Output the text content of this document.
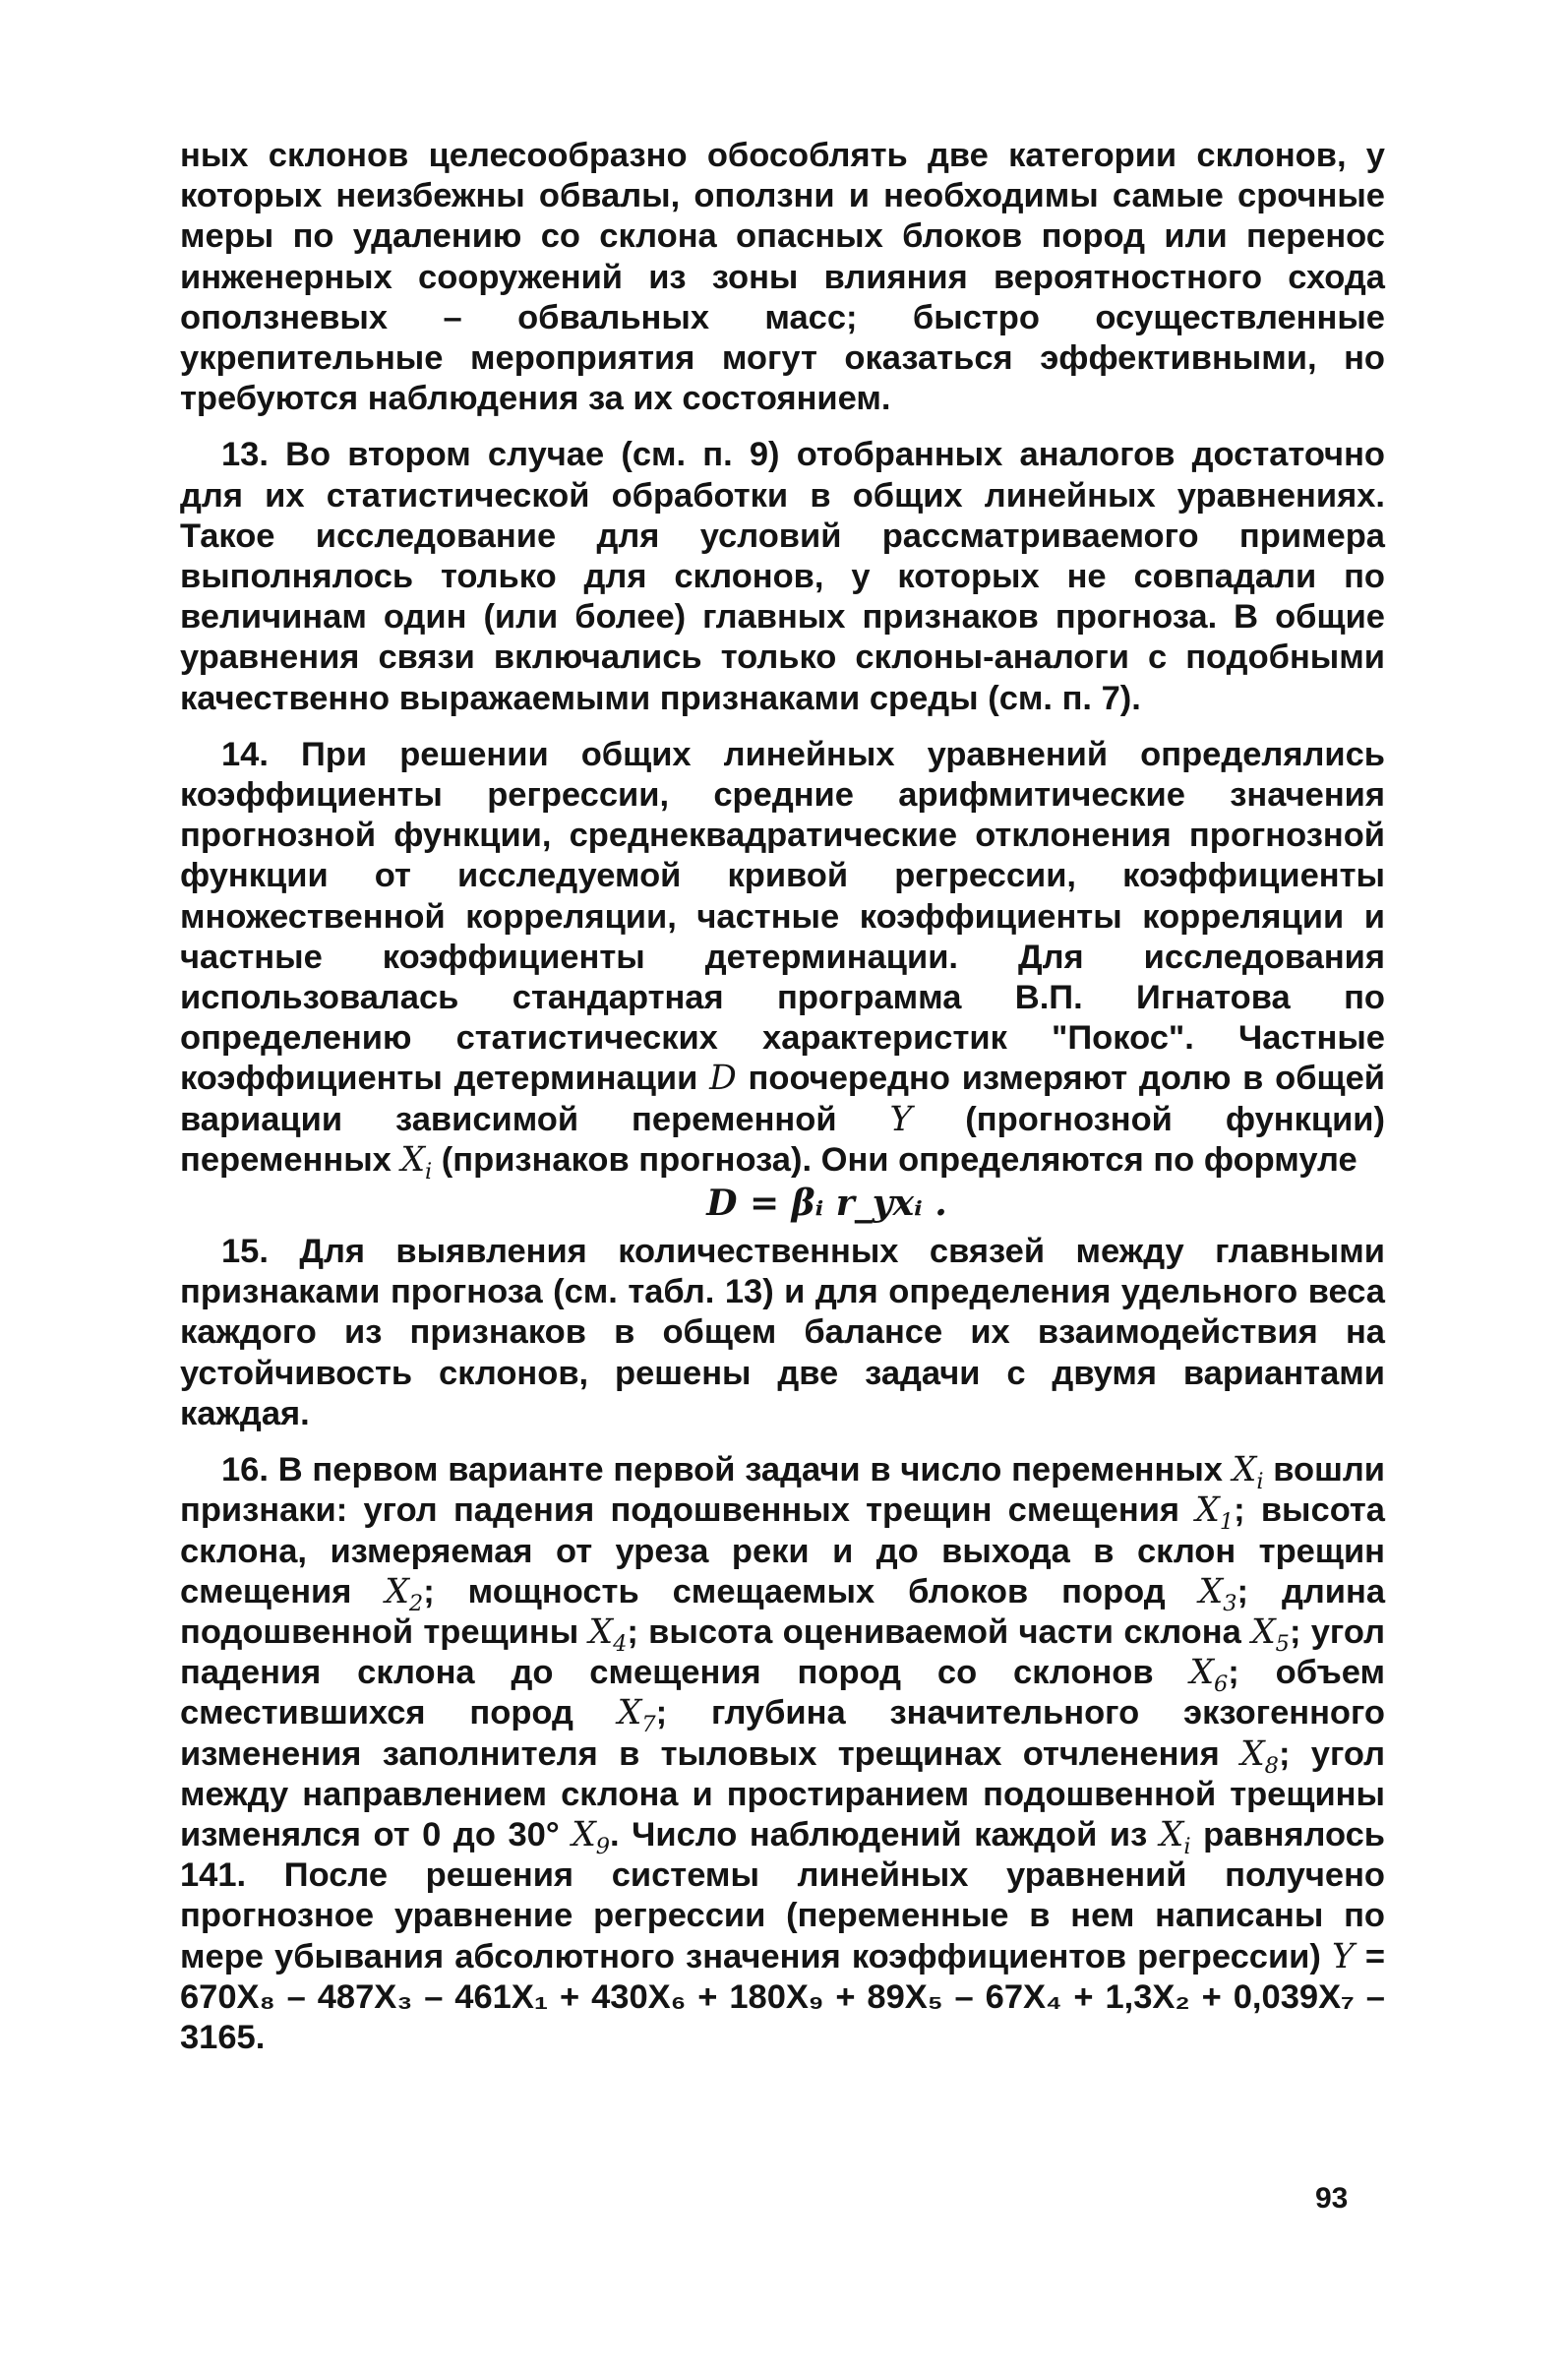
ных склонов целесообразно обособлять две категории склонов, у которых неизбежны обвалы, оползни и необходимы самые срочные меры по удалению со склона опасных блоков пород или перенос инженерных сооружений из зоны влияния вероятностного схода оползневых – обвальных масс; быстро осуществленные укрепительные мероприятия могут оказаться эффективными, но требуются наблюдения за их состоянием.

13. Во втором случае (см. п. 9) отобранных аналогов достаточно для их статистической обработки в общих линейных уравнениях. Такое исследование для условий рассматриваемого примера выполнялось только для склонов, у которых не совпадали по величинам один (или более) главных признаков прогноза. В общие уравнения связи включались только склоны-аналоги с подобными качественно выражаемыми признаками среды (см. п. 7).

14. При решении общих линейных уравнений определялись коэффициенты регрессии, средние арифмитические значения прогнозной функции, среднеквадратические отклонения прогнозной функции от исследуемой кривой регрессии, коэффициенты множественной корреляции, частные коэффициенты корреляции и частные коэффициенты детерминации. Для исследования использовалась стандартная программа В.П. Игнатова по определению статистических характеристик "Покос". Частные коэффициенты детерминации D поочередно измеряют долю в общей вариации зависимой переменной Y (прогнозной функции) переменных $X_i$ (признаков прогноза). Они определяются по формуле

D = βᵢ r_yxᵢ .

15. Для выявления количественных связей между главными признаками прогноза (см. табл. 13) и для определения удельного веса каждого из признаков в общем балансе их взаимодействия на устойчивость склонов, решены две задачи с двумя вариантами каждая.

16. В первом варианте первой задачи в число переменных $X_i$ вошли признаки: угол падения подошвенных трещин смещения $X_1$; высота склона, измеряемая от уреза реки и до выхода в склон трещин смещения $X_2$; мощность смещаемых блоков пород $X_3$; длина подошвенной трещины $X_4$; высота оцениваемой части склона $X_5$; угол падения склона до смещения пород со склонов $X_6$; объем сместившихся пород $X_7$; глубина значительного экзогенного изменения заполнителя в тыловых трещинах отчленения $X_8$; угол между направлением склона и простиранием подошвенной трещины изменялся от 0 до 30° $X_9$. Число наблюдений каждой из $X_i$ равнялось 141. После решения системы линейных уравнений получено прогнозное уравнение регрессии (переменные в нем написаны по мере убывания абсолютного значения коэффициентов регрессии) Y = 670X₈ – 487X₃ – 461X₁ + 430X₆ + 180X₉ + 89X₅ – 67X₄ + 1,3X₂ + 0,039X₇ – 3165.

93
